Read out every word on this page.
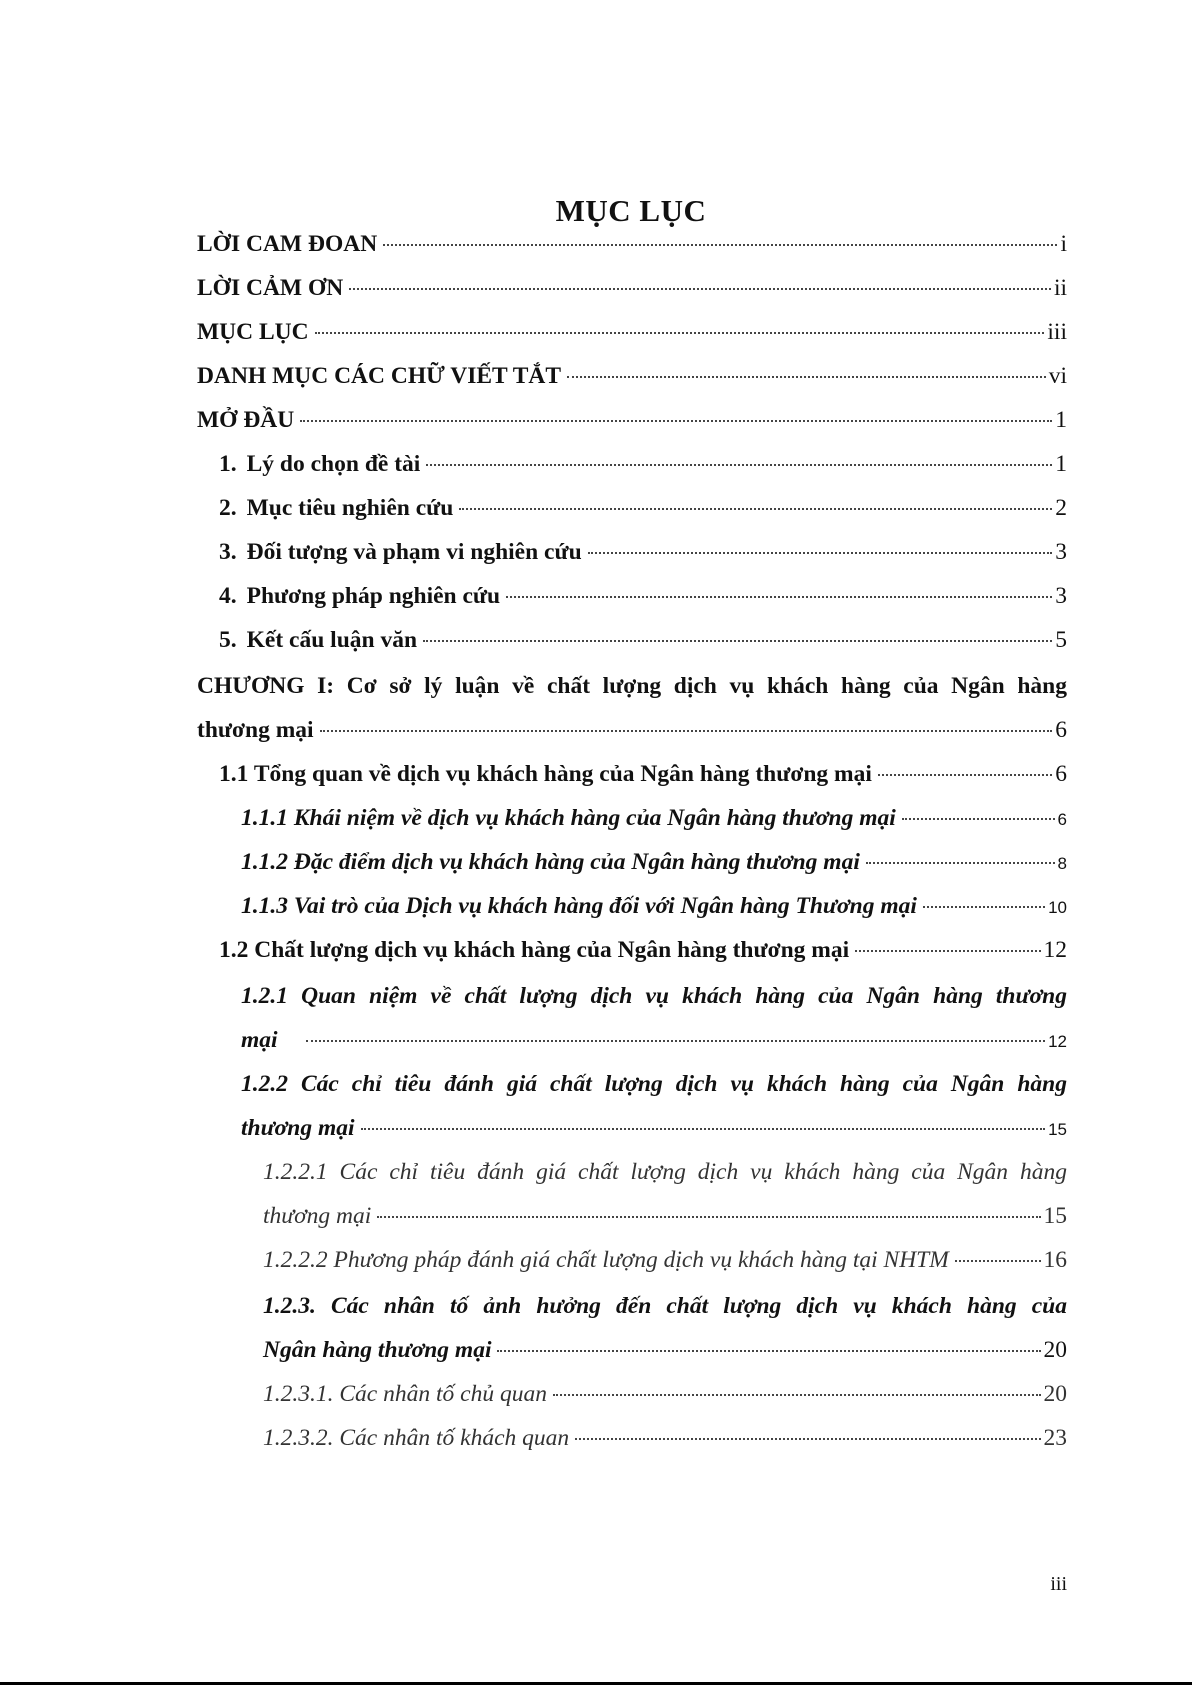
MỤC LỤC
LỜI CAM ĐOAN	i
LỜI CẢM ƠN	ii
MỤC LỤC	iii
DANH MỤC CÁC CHỮ VIẾT TẮT	vi
MỞ ĐẦU	1
1. Lý do chọn đề tài	1
2. Mục tiêu nghiên cứu	2
3. Đối tượng và phạm vi nghiên cứu	3
4. Phương pháp nghiên cứu	3
5. Kết cấu luận văn	5
CHƯƠNG I: Cơ sở lý luận về chất lượng dịch vụ khách hàng của Ngân hàng
thương mại	6
1.1 Tổng quan về dịch vụ khách hàng của Ngân hàng thương mại	6
1.1.1 Khái niệm về dịch vụ khách hàng của Ngân hàng thương mại	6
1.1.2 Đặc điểm dịch vụ khách hàng của Ngân hàng thương mại	8
1.1.3 Vai trò của Dịch vụ khách hàng đối với Ngân hàng Thương mại	10
1.2 Chất lượng dịch vụ khách hàng của Ngân hàng thương mại	12
1.2.1 Quan niệm về chất lượng dịch vụ khách hàng của Ngân hàng thương
mại	12
1.2.2 Các chỉ tiêu đánh giá chất lượng dịch vụ khách hàng của Ngân hàng
thương mại	15
1.2.2.1 Các chỉ tiêu đánh giá chất lượng dịch vụ khách hàng của Ngân hàng
thương mại	15
1.2.2.2 Phương pháp đánh giá chất lượng dịch vụ khách hàng tại NHTM	16
1.2.3. Các nhân tố ảnh hưởng đến chất lượng dịch vụ khách hàng của
Ngân hàng thương mại	20
1.2.3.1. Các nhân tố chủ quan	20
1.2.3.2. Các nhân tố khách quan	23
iii
